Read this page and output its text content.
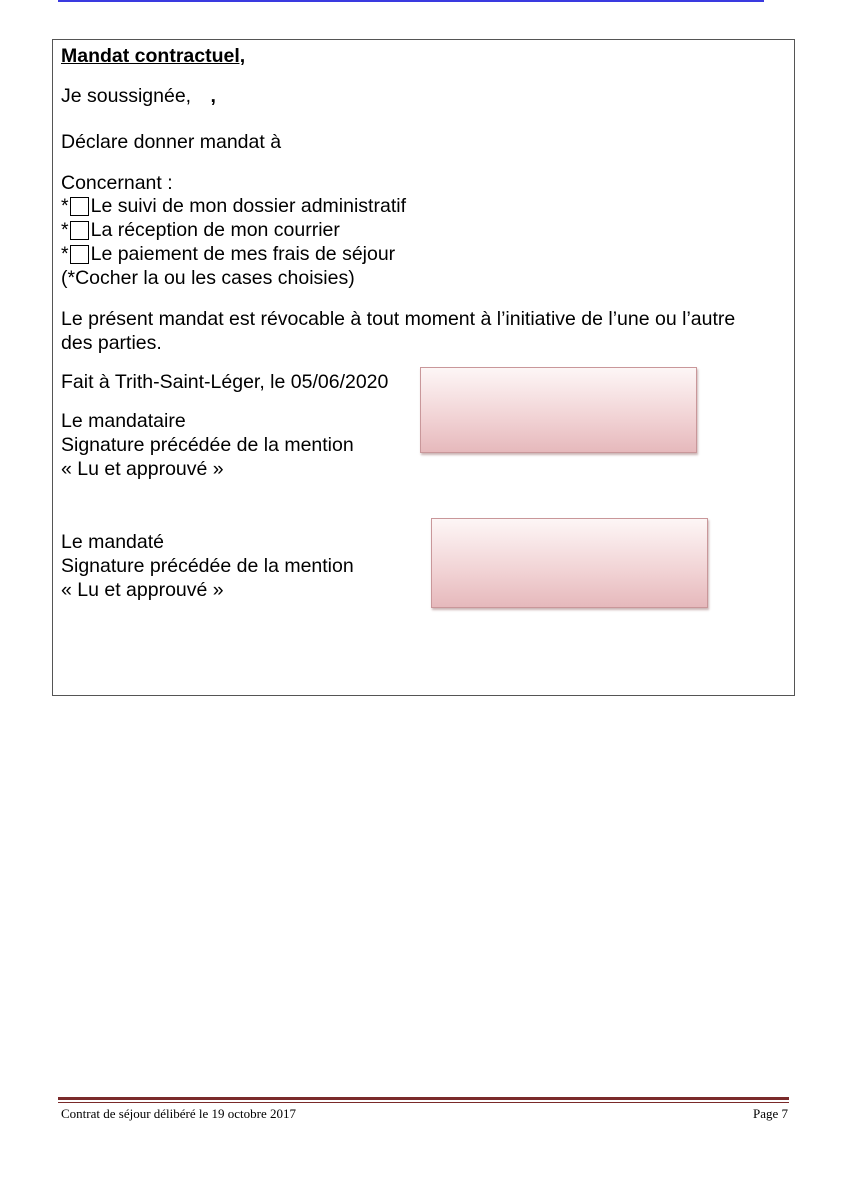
Mandat contractuel,
Je soussignée, ,
Déclare donner mandat à
Concernant :
* Le suivi de mon dossier administratif
* La réception de mon courrier
* Le paiement de mes frais de séjour
(*Cocher la ou les cases choisies)
Le présent mandat est révocable à tout moment à l’initiative de l’une ou l’autre
des parties.
Fait à Trith-Saint-Léger, le 05/06/2020
Le mandataire
Signature précédée de la mention
« Lu et approuvé »
Le mandaté
Signature précédée de la mention
« Lu et approuvé »
Contrat de séjour délibéré le 19 octobre 2017	Page 7
